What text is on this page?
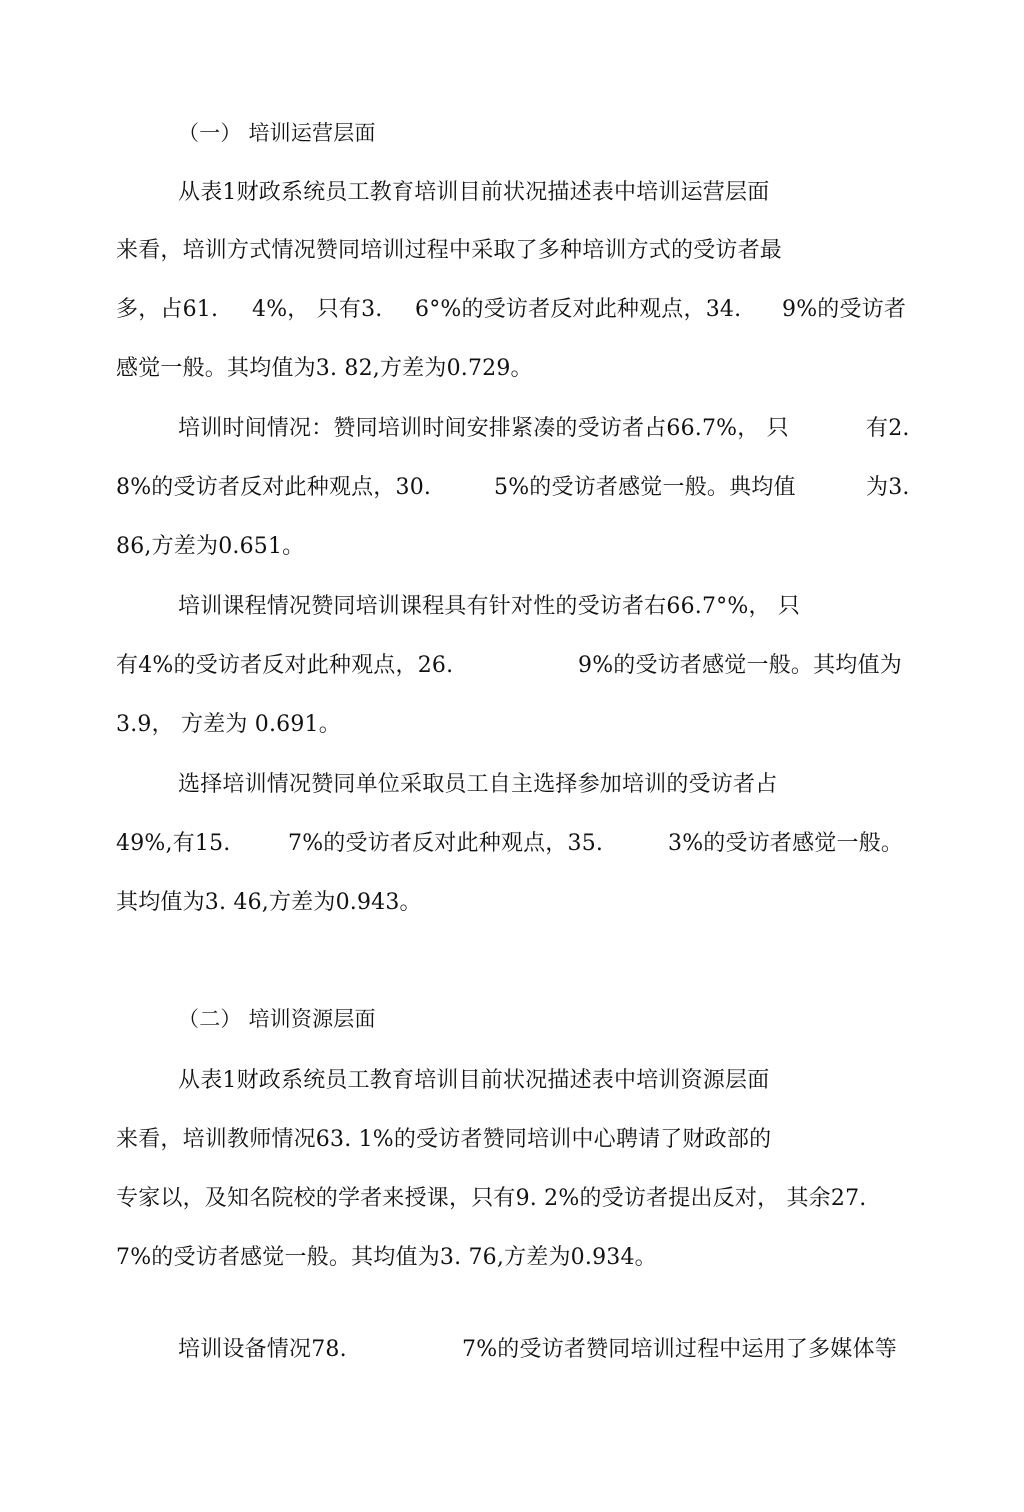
（一） 培训运营层面
从表1财政系统员工教育培训目前状况描述表中培训运营层面
来看，培训方式情况赞同培训过程中采取了多种培训方式的受访者最
多，占61. 4%， 只有3. 6°%的受访者反对此种观点，34. 9%的受访者
感觉一般。其均值为3. 82,方差为0.729。
培训时间情况：赞同培训时间安排紧凑的受访者占66.7%， 只	有2.
8%的受访者反对此种观点，30.	5%的受访者感觉一般。典均值	为3.
86,方差为0.651。
培训课程情况赞同培训课程具有针对性的受访者右66.7°%， 只
有4%的受访者反对此种观点，26.	9%的受访者感觉一般。其均值为
3.9， 方差为 0.691。
选择培训情况赞同单位采取员工自主选择参加培训的受访者占
49%,有15.	7%的受访者反对此种观点，35.	3%的受访者感觉一般。
其均值为3. 46,方差为0.943。
（二） 培训资源层面
从表1财政系统员工教育培训目前状况描述表中培训资源层面
来看，培训教师情况63. 1%的受访者赞同培训中心聘请了财政部的
专家以，及知名院校的学者来授课，只有9. 2%的受访者提出反对， 其余27.
7%的受访者感觉一般。其均值为3. 76,方差为0.934。
培训设备情况78.	7%的受访者赞同培训过程中运用了多媒体等
